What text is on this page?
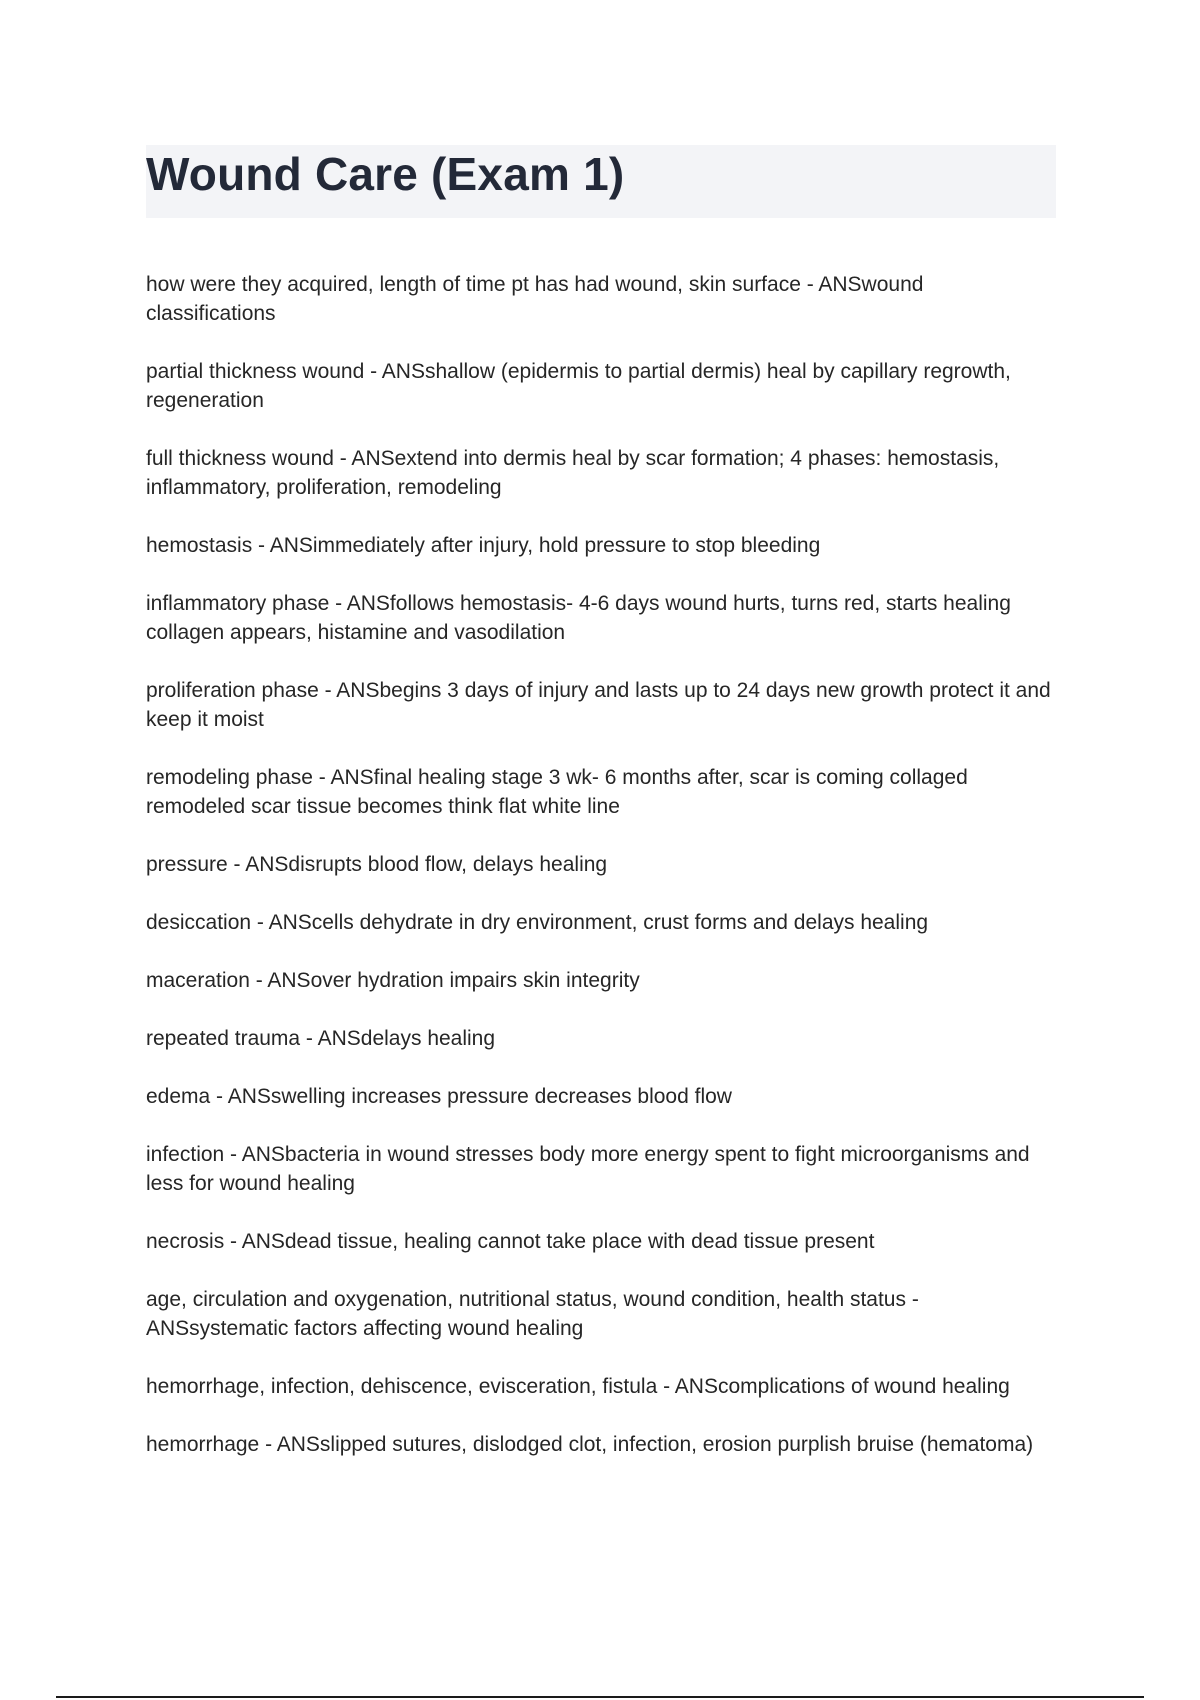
Wound Care (Exam 1)
how were they acquired, length of time pt has had wound, skin surface - ANSwound classifications
partial thickness wound - ANSshallow (epidermis to partial dermis) heal by capillary regrowth, regeneration
full thickness wound - ANSextend into dermis heal by scar formation; 4 phases: hemostasis, inflammatory, proliferation, remodeling
hemostasis - ANSimmediately after injury, hold pressure to stop bleeding
inflammatory phase - ANSfollows hemostasis- 4-6 days wound hurts, turns red, starts healing collagen appears, histamine and vasodilation
proliferation phase - ANSbegins 3 days of injury and lasts up to 24 days new growth protect it and keep it moist
remodeling phase - ANSfinal healing stage 3 wk- 6 months after, scar is coming collaged remodeled scar tissue becomes think flat white line
pressure - ANSdisrupts blood flow, delays healing
desiccation - ANScells dehydrate in dry environment, crust forms and delays healing
maceration - ANSover hydration impairs skin integrity
repeated trauma - ANSdelays healing
edema - ANSswelling increases pressure decreases blood flow
infection - ANSbacteria in wound stresses body more energy spent to fight microorganisms and less for wound healing
necrosis - ANSdead tissue, healing cannot take place with dead tissue present
age, circulation and oxygenation, nutritional status, wound condition, health status - ANSsystematic factors affecting wound healing
hemorrhage, infection, dehiscence, evisceration, fistula - ANScomplications of wound healing
hemorrhage - ANSslipped sutures, dislodged clot, infection, erosion purplish bruise (hematoma)
